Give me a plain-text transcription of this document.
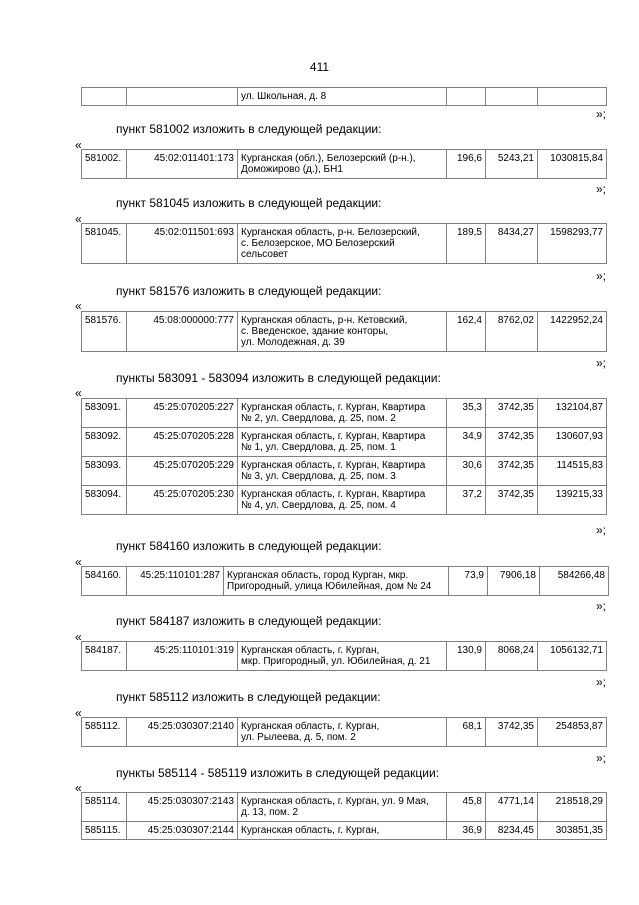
411
		ул. Школьная, д. 8			
»;
пункт 581002 изложить в следующей редакции:
«
581002.	45:02:011401:173	Курганская (обл.), Белозерский (р-н.),
Доможирово (д.), БН1	196,6	5243,21	1030815,84
»;
пункт 581045 изложить в следующей редакции:
«
581045.	45:02:011501:693	Курганская область, р-н. Белозерский,
с. Белозерское, МО Белозерский
сельсовет	189,5	8434,27	1598293,77
»;
пункт 581576 изложить в следующей редакции:
«
581576.	45:08:000000:777	Курганская область, р-н. Кетовский,
с. Введенское, здание конторы,
ул. Молодежная, д. 39	162,4	8762,02	1422952,24
»;
пункты 583091 - 583094 изложить в следующей редакции:
«
583091.	45:25:070205:227	Курганская область, г. Курган, Квартира
№ 2, ул. Свердлова, д. 25, пом. 2	35,3	3742,35	132104,87
583092.	45:25:070205:228	Курганская область, г. Курган, Квартира
№ 1, ул. Свердлова, д. 25, пом. 1	34,9	3742,35	130607,93
583093.	45:25:070205:229	Курганская область, г. Курган, Квартира
№ 3, ул. Свердлова, д. 25, пом. 3	30,6	3742,35	114515,83
583094.	45:25:070205:230	Курганская область, г. Курган, Квартира
№ 4, ул. Свердлова, д. 25, пом. 4	37,2	3742,35	139215,33
»;
пункт 584160 изложить в следующей редакции:
«
584160.	45:25:110101:287	Курганская область, город Курган, мкр.
Пригородный, улица Юбилейная, дом № 24	73,9	7906,18	584266,48
»;
пункт 584187 изложить в следующей редакции:
«
584187.	45:25:110101:319	Курганская область, г. Курган,
мкр. Пригородный, ул. Юбилейная, д. 21	130,9	8068,24	1056132,71
»;
пункт 585112 изложить в следующей редакции:
«
585112.	45:25:030307:2140	Курганская область, г. Курган,
ул. Рылеева, д. 5, пом. 2	68,1	3742,35	254853,87
»;
пункты 585114 - 585119 изложить в следующей редакции:
«
585114.	45:25:030307:2143	Курганская область, г. Курган, ул. 9 Мая,
д. 13, пом. 2	45,8	4771,14	218518,29
585115.	45:25:030307:2144	Курганская область, г. Курган,	36,9	8234,45	303851,35
